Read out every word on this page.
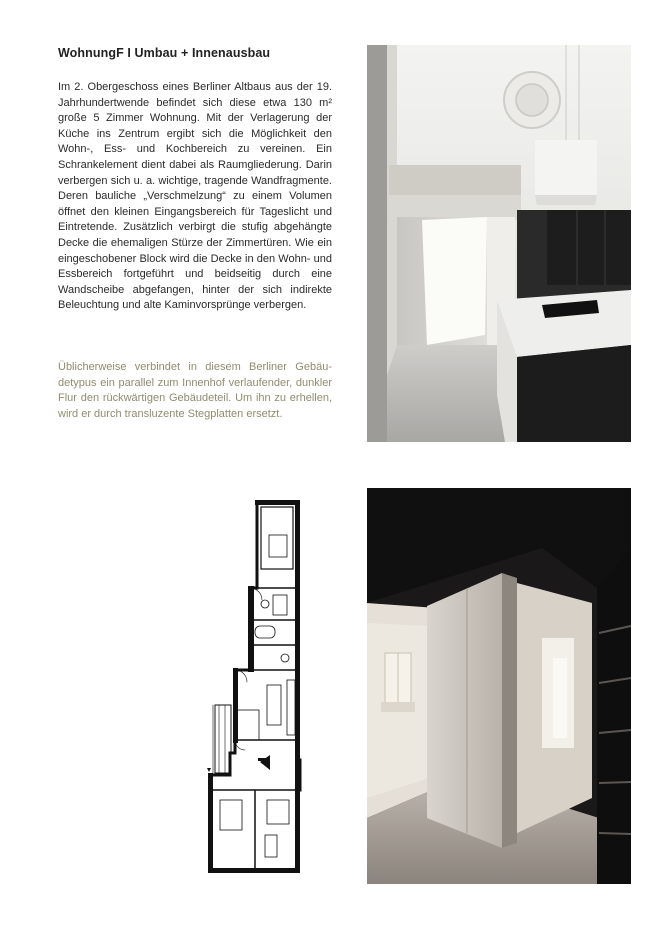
WohnungF I Umbau + Innenausbau
Im 2. Obergeschoss eines Berliner Altbaus aus der 19. Jahrhundertwende befindet sich diese etwa 130 m² große 5 Zimmer Wohnung. Mit der Verlagerung der Küche ins Zentrum ergibt sich die Möglichkeit den Wohn-, Ess- und Kochbereich zu vereinen. Ein Schrankelement dient dabei als Raumgliederung. Darin verbergen sich u. a. wichtige, tragende Wandfragmente. Deren bauliche „Verschmelzung“ zu einem Volumen öffnet den kleinen Eingangsbereich für Tageslicht und Eintretende. Zusätzlich verbirgt die stufig abgehängte Decke die ehemaligen Stürze der Zimmertüren. Wie ein eingeschobener Block wird die Decke in den Wohn- und Essbereich fortgeführt und beidseitig durch eine Wandscheibe abgefangen, hinter der sich indirekte Beleuchtung und alte Kaminvorsprünge verbergen.
Üblicherweise verbindet in diesem Berliner Gebäudetypus ein parallel zum Innenhof verlaufender, dunkler Flur den rückwärtigen Gebäudeteil. Um ihn zu erhellen, wird er durch transluzente Stegplatten ersetzt.
